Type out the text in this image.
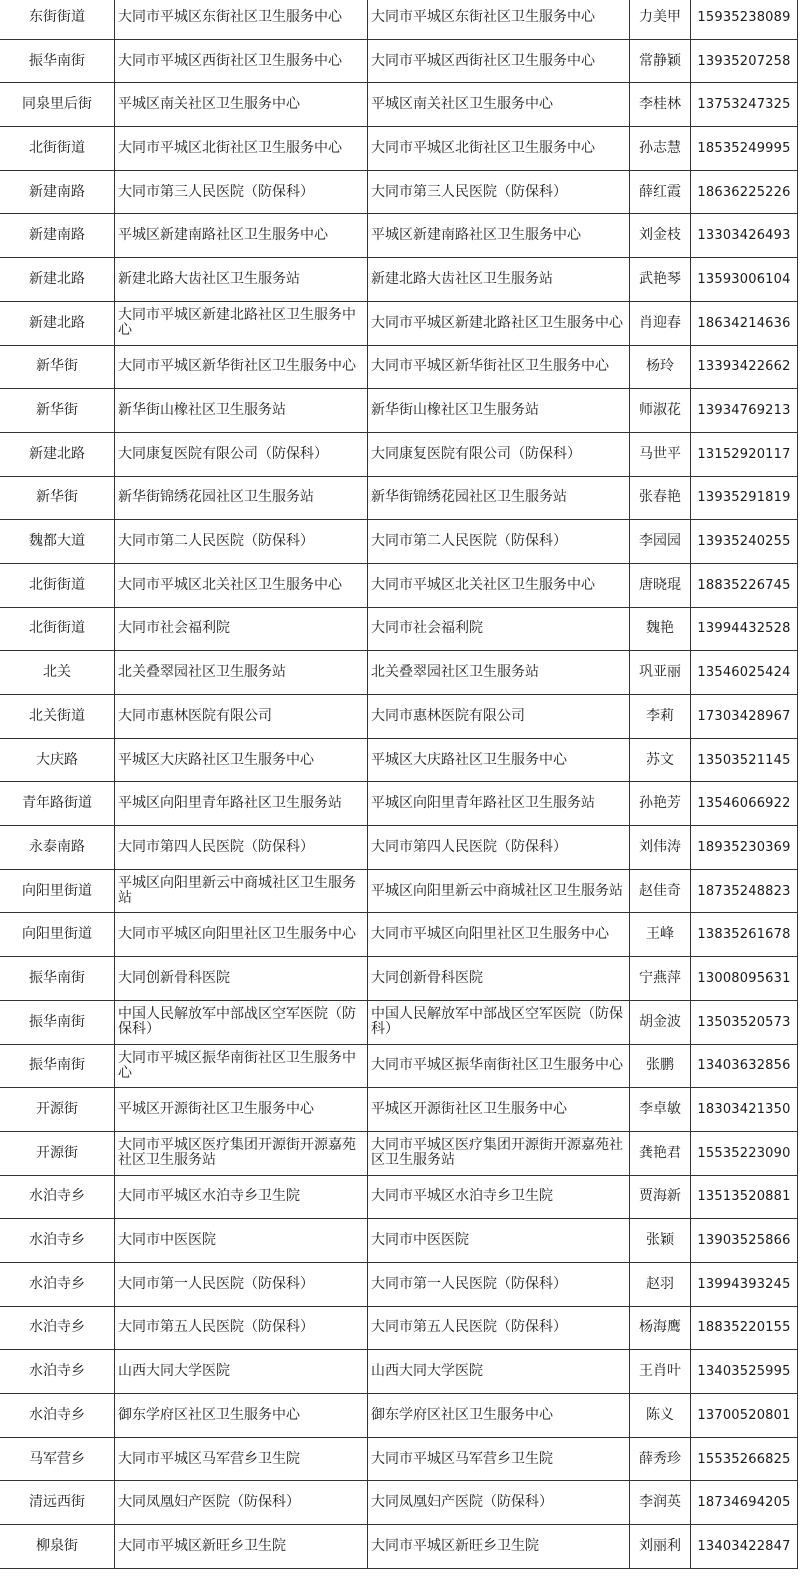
东街街道	大同市平城区东街社区卫生服务中心	大同市平城区东街社区卫生服务中心	力美甲	15935238089
振华南街	大同市平城区西街社区卫生服务中心	大同市平城区西街社区卫生服务中心	常静颖	13935207258
同泉里后街	平城区南关社区卫生服务中心	平城区南关社区卫生服务中心	李桂林	13753247325
北街街道	大同市平城区北街社区卫生服务中心	大同市平城区北街社区卫生服务中心	孙志慧	18535249995
新建南路	大同市第三人民医院（防保科）	大同市第三人民医院（防保科）	薛红霞	18636225226
新建南路	平城区新建南路社区卫生服务中心	平城区新建南路社区卫生服务中心	刘金枝	13303426493
新建北路	新建北路大齿社区卫生服务站	新建北路大齿社区卫生服务站	武艳琴	13593006104
新建北路	大同市平城区新建北路社区卫生服务中心	大同市平城区新建北路社区卫生服务中心	肖迎春	18634214636
新华街	大同市平城区新华街社区卫生服务中心	大同市平城区新华街社区卫生服务中心	杨玲	13393422662
新华街	新华街山橡社区卫生服务站	新华街山橡社区卫生服务站	师淑花	13934769213
新建北路	大同康复医院有限公司（防保科）	大同康复医院有限公司（防保科）	马世平	13152920117
新华街	新华街锦绣花园社区卫生服务站	新华街锦绣花园社区卫生服务站	张春艳	13935291819
魏都大道	大同市第二人民医院（防保科）	大同市第二人民医院（防保科）	李园园	13935240255
北街街道	大同市平城区北关社区卫生服务中心	大同市平城区北关社区卫生服务中心	唐晓琨	18835226745
北街街道	大同市社会福利院	大同市社会福利院	魏艳	13994432528
北关	北关叠翠园社区卫生服务站	北关叠翠园社区卫生服务站	巩亚丽	13546025424
北关街道	大同市惠林医院有限公司	大同市惠林医院有限公司	李莉	17303428967
大庆路	平城区大庆路社区卫生服务中心	平城区大庆路社区卫生服务中心	苏文	13503521145
青年路街道	平城区向阳里青年路社区卫生服务站	平城区向阳里青年路社区卫生服务站	孙艳芳	13546066922
永泰南路	大同市第四人民医院（防保科）	大同市第四人民医院（防保科）	刘伟涛	18935230369
向阳里街道	平城区向阳里新云中商城社区卫生服务站	平城区向阳里新云中商城社区卫生服务站	赵佳奇	18735248823
向阳里街道	大同市平城区向阳里社区卫生服务中心	大同市平城区向阳里社区卫生服务中心	王峰	13835261678
振华南街	大同创新骨科医院	大同创新骨科医院	宁燕萍	13008095631
振华南街	中国人民解放军中部战区空军医院（防保科）	中国人民解放军中部战区空军医院（防保科）	胡金波	13503520573
振华南街	大同市平城区振华南街社区卫生服务中心	大同市平城区振华南街社区卫生服务中心	张鹏	13403632856
开源街	平城区开源街社区卫生服务中心	平城区开源街社区卫生服务中心	李卓敏	18303421350
开源街	大同市平城区医疗集团开源街开源嘉苑社区卫生服务站	大同市平城区医疗集团开源街开源嘉苑社区卫生服务站	龚艳君	15535223090
水泊寺乡	大同市平城区水泊寺乡卫生院	大同市平城区水泊寺乡卫生院	贾海新	13513520881
水泊寺乡	大同市中医医院	大同市中医医院	张颖	13903525866
水泊寺乡	大同市第一人民医院（防保科）	大同市第一人民医院（防保科）	赵羽	13994393245
水泊寺乡	大同市第五人民医院（防保科）	大同市第五人民医院（防保科）	杨海鹰	18835220155
水泊寺乡	山西大同大学医院	山西大同大学医院	王肖叶	13403525995
水泊寺乡	御东学府区社区卫生服务中心	御东学府区社区卫生服务中心	陈义	13700520801
马军营乡	大同市平城区马军营乡卫生院	大同市平城区马军营乡卫生院	薛秀珍	15535266825
清远西街	大同凤凰妇产医院（防保科）	大同凤凰妇产医院（防保科）	李润英	18734694205
柳泉街	大同市平城区新旺乡卫生院	大同市平城区新旺乡卫生院	刘丽利	13403422847
